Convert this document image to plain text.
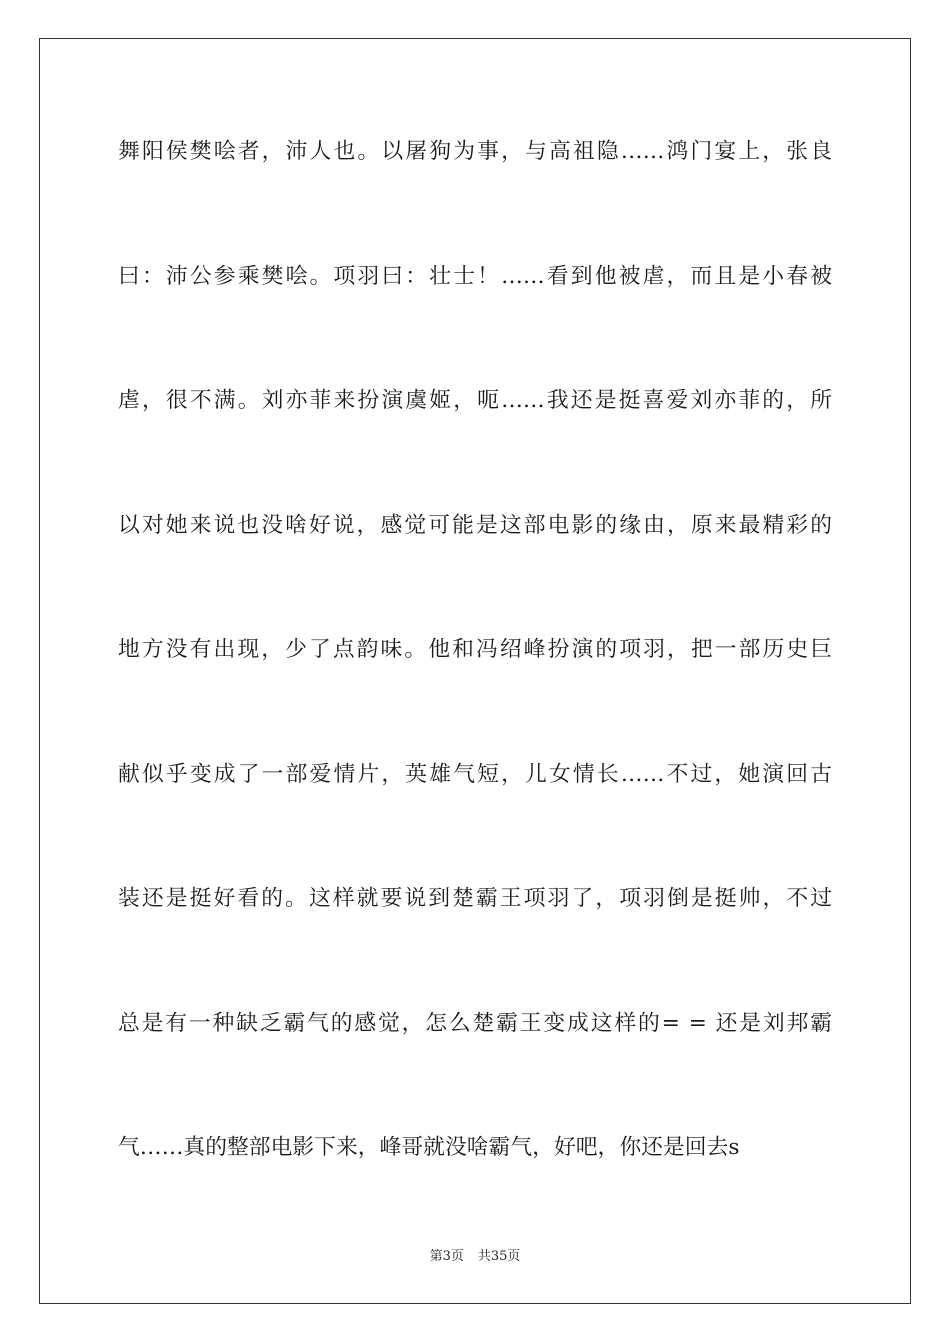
舞阳侯樊哙者，沛人也。以屠狗为事，与高祖隐……鸿门宴上，张良
曰：沛公参乘樊哙。项羽曰：壮士！……看到他被虐，而且是小春被
虐，很不满。刘亦菲来扮演虞姬，呃……我还是挺喜爱刘亦菲的，所
以对她来说也没啥好说，感觉可能是这部电影的缘由，原来最精彩的
地方没有出现，少了点韵味。他和冯绍峰扮演的项羽，把一部历史巨
献似乎变成了一部爱情片，英雄气短，儿女情长……不过，她演回古
装还是挺好看的。这样就要说到楚霸王项羽了，项羽倒是挺帅，不过
总是有一种缺乏霸气的感觉，怎么楚霸王变成这样的= = 还是刘邦霸
气……真的整部电影下来，峰哥就没啥霸气，好吧，你还是回去s
第3页 共35页
